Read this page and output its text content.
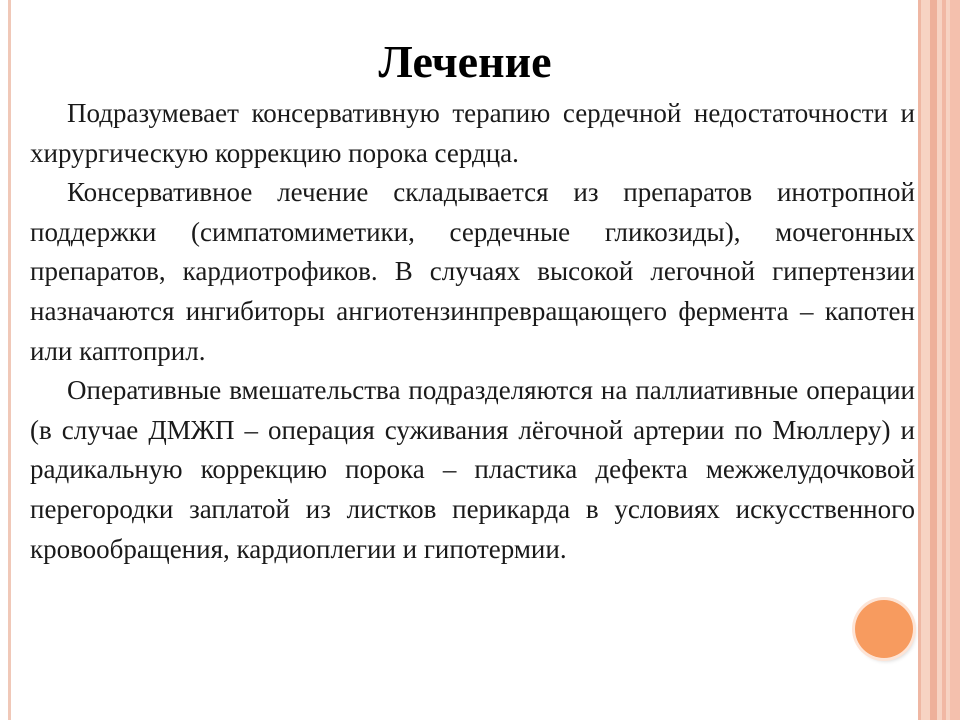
Лечение

Подразумевает консервативную терапию сердечной недостаточности и хирургическую коррекцию порока сердца.

Консервативное лечение складывается из препаратов инотропной поддержки (симпатомиметики, сердечные гликозиды), мочегонных препаратов, кардиотрофиков. В случаях высокой легочной гипертензии назначаются ингибиторы ангиотензинпревращающего фермента – капотен или каптоприл.

Оперативные вмешательства подразделяются на паллиативные операции (в случае ДМЖП – операция суживания лёгочной артерии по Мюллеру) и радикальную коррекцию порока – пластика дефекта межжелудочковой перегородки заплатой из листков перикарда в условиях искусственного кровообращения, кардиоплегии и гипотермии.
